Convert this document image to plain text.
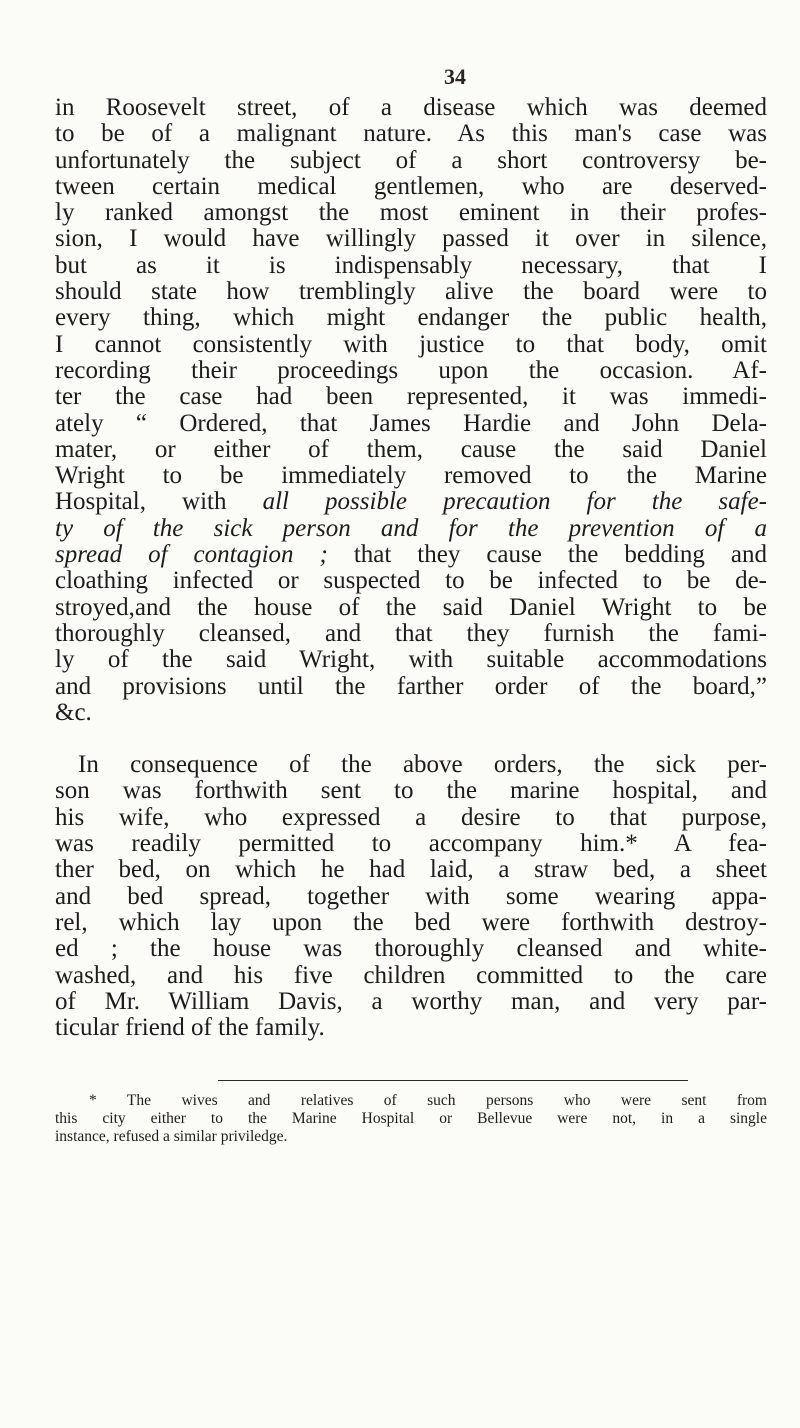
34
in Roosevelt street, of a disease which was deemed
to be of a malignant nature. As this man's case was
unfortunately the subject of a short controversy be-
tween certain medical gentlemen, who are deserved-
ly ranked amongst the most eminent in their profes-
sion, I would have willingly passed it over in silence,
but as it is indispensably necessary, that I
should state how tremblingly alive the board were to
every thing, which might endanger the public health,
I cannot consistently with justice to that body, omit
recording their proceedings upon the occasion. Af-
ter the case had been represented, it was immedi-
ately “ Ordered, that James Hardie and John Dela-
mater, or either of them, cause the said Daniel
Wright to be immediately removed to the Marine
Hospital, with all possible precaution for the safe-
ty of the sick person and for the prevention of a
spread of contagion ; that they cause the bedding and
cloathing infected or suspected to be infected to be de-
stroyed,and the house of the said Daniel Wright to be
thoroughly cleansed, and that they furnish the fami-
ly of the said Wright, with suitable accommodations
and provisions until the farther order of the board,”
&c.
In consequence of the above orders, the sick per-
son was forthwith sent to the marine hospital, and
his wife, who expressed a desire to that purpose,
was readily permitted to accompany him.* A fea-
ther bed, on which he had laid, a straw bed, a sheet
and bed spread, together with some wearing appa-
rel, which lay upon the bed were forthwith destroy-
ed ; the house was thoroughly cleansed and white-
washed, and his five children committed to the care
of Mr. William Davis, a worthy man, and very par-
ticular friend of the family.
* The wives and relatives of such persons who were sent from
this city either to the Marine Hospital or Bellevue were not, in a single
instance, refused a similar priviledge.
